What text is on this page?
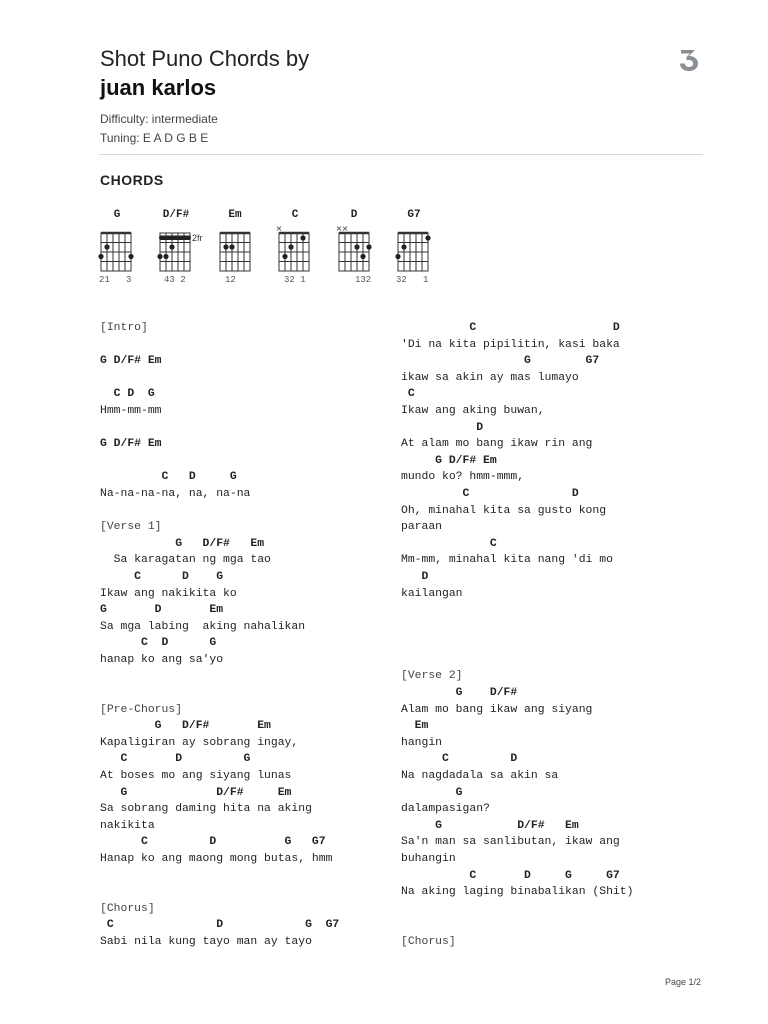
Shot Puno Chords by
juan karlos
Difficulty: intermediate
Tuning: E A D G B E
CHORDS
G	D/F#	Em	C	D	G7
2fr
×	× ×
21   3	43 2	12	32 1	132	32   1
[Intro]
G D/F# Em
C D  G
Hmm-mm-mm
G D/F# Em
C   D     G
Na-na-na-na, na, na-na
[Verse 1]
G   D/F#   Em
Sa karagatan ng mga tao
C      D    G
Ikaw ang nakikita ko
G       D       Em
Sa mga labing  aking nahalikan
C  D      G
hanap ko ang sa'yo
[Pre-Chorus]
G   D/F#       Em
Kapaligiran ay sobrang ingay,
C       D         G
At boses mo ang siyang lunas
G             D/F#     Em
Sa sobrang daming hita na aking
nakikita
C         D          G   G7
Hanap ko ang maong mong butas, hmm
[Chorus]
C               D            G  G7
Sabi nila kung tayo man ay tayo
C                    D
'Di na kita pipilitin, kasi baka
G        G7
ikaw sa akin ay mas lumayo
C
Ikaw ang aking buwan,
D
At alam mo bang ikaw rin ang
G D/F# Em
mundo ko? hmm-mmm,
C               D
Oh, minahal kita sa gusto kong
paraan
C
Mm-mm, minahal kita nang 'di mo
D
kailangan
[Verse 2]
G    D/F#
Alam mo bang ikaw ang siyang
Em
hangin
C         D
Na nagdadala sa akin sa
G
dalampasigan?
G           D/F#   Em
Sa'n man sa sanlibutan, ikaw ang
buhangin
C       D     G     G7
Na aking laging binabalikan (Shit)
[Chorus]
Page 1/2
